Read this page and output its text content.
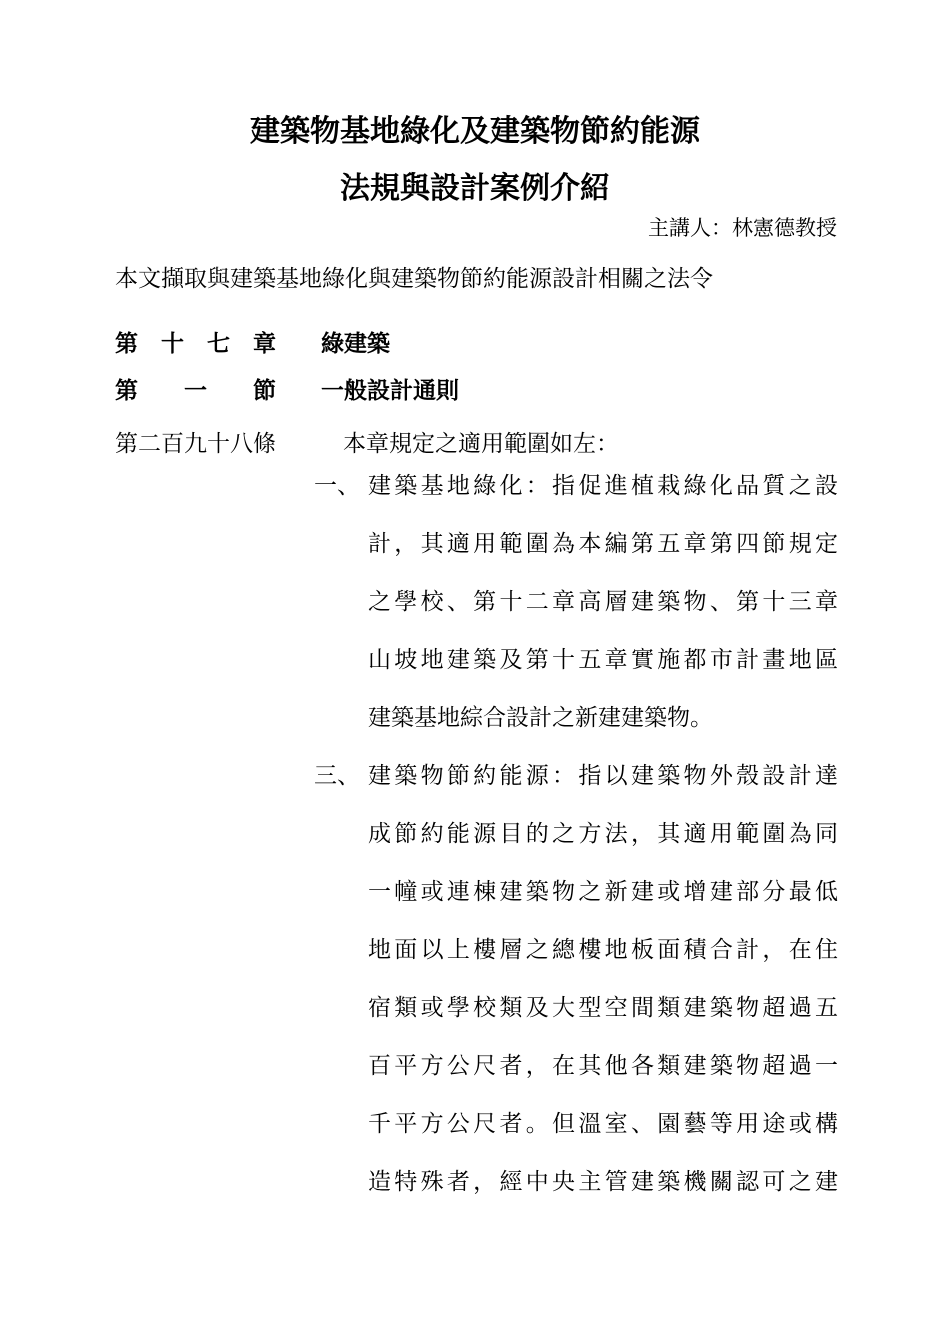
建築物基地綠化及建築物節約能源
法規與設計案例介紹
主講人：林憲德教授
本文擷取與建築基地綠化與建築物節約能源設計相關之法令
第　十　七　章 綠建築
第　　一　　節 一般設計通則
第二百九十八條	本章規定之適用範圍如左：
一、 建築基地綠化：指促進植栽綠化品質之設
計，其適用範圍為本編第五章第四節規定
之學校、第十二章高層建築物、第十三章
山坡地建築及第十五章實施都市計畫地區
建築基地綜合設計之新建建築物。
三、 建築物節約能源：指以建築物外殼設計達
成節約能源目的之方法，其適用範圍為同
一幢或連棟建築物之新建或增建部分最低
地面以上樓層之總樓地板面積合計，在住
宿類或學校類及大型空間類建築物超過五
百平方公尺者，在其他各類建築物超過一
千平方公尺者。但溫室、園藝等用途或構
造特殊者，經中央主管建築機關認可之建
